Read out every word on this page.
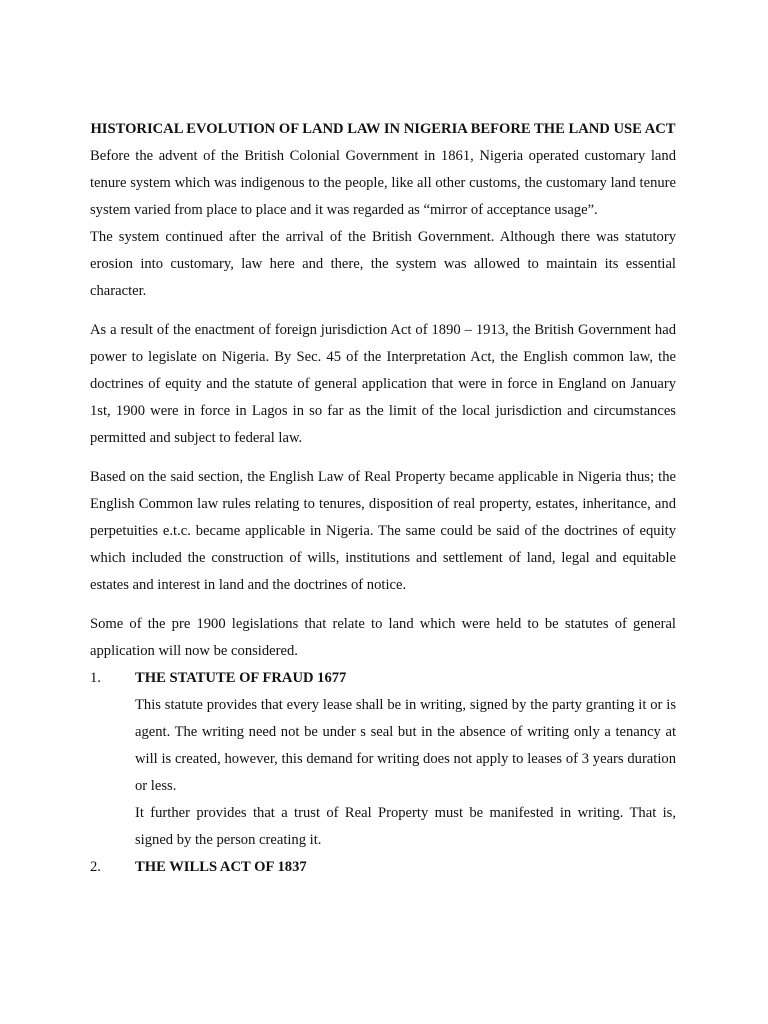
HISTORICAL EVOLUTION OF LAND LAW IN NIGERIA BEFORE THE LAND USE ACT

Before the advent of the British Colonial Government in 1861, Nigeria operated customary land tenure system which was indigenous to the people, like all other customs, the customary land tenure system varied from place to place and it was regarded as “mirror of acceptance usage”.

The system continued after the arrival of the British Government. Although there was statutory erosion into customary, law here and there, the system was allowed to maintain its essential character.

As a result of the enactment of foreign jurisdiction Act of 1890 – 1913, the British Government had power to legislate on Nigeria. By Sec. 45 of the Interpretation Act, the English common law, the doctrines of equity and the statute of general application that were in force in England on January 1st, 1900 were in force in Lagos in so far as the limit of the local jurisdiction and circumstances permitted and subject to federal law.

Based on the said section, the English Law of Real Property became applicable in Nigeria thus; the English Common law rules relating to tenures, disposition of real property, estates, inheritance, and perpetuities e.t.c. became applicable in Nigeria. The same could be said of the doctrines of equity which included the construction of wills, institutions and settlement of land, legal and equitable estates and interest in land and the doctrines of notice.

Some of the pre 1900 legislations that relate to land which were held to be statutes of general application will now be considered.

1.	THE STATUTE OF FRAUD 1677

This statute provides that every lease shall be in writing, signed by the party granting it or is agent. The writing need not be under s seal but in the absence of writing only a tenancy at will is created, however, this demand for writing does not apply to leases of 3 years duration or less.

It further provides that a trust of Real Property must be manifested in writing. That is, signed by the person creating it.

2.	THE WILLS ACT OF 1837
